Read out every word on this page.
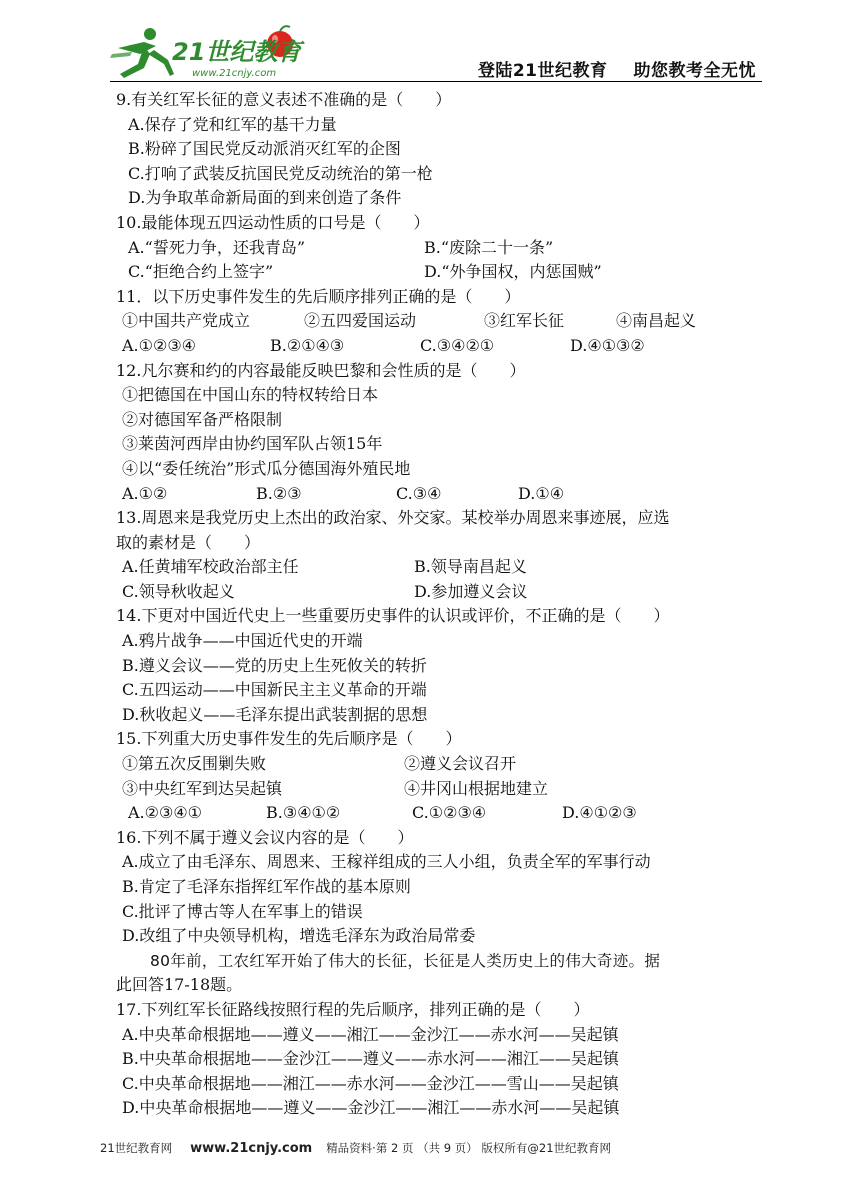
21世纪教育
www.21cnjy.com	登陆21世纪教育 助您教考全无忧
9.有关红军长征的意义表述不准确的是（　　）
A.保存了党和红军的基干力量
B.粉碎了国民党反动派消灭红军的企图
C.打响了武装反抗国民党反动统治的第一枪
D.为争取革命新局面的到来创造了条件
10.最能体现五四运动性质的口号是（　　）
A.“誓死力争，还我青岛”	B.“废除二十一条”
C.“拒绝合约上签字”	D.“外争国权，内惩国贼”
11．以下历史事件发生的先后顺序排列正确的是（　　）
①中国共产党成立	②五四爱国运动	③红军长征	④南昌起义
A.①②③④	B.②①④③	C.③④②①	D.④①③②
12.凡尔赛和约的内容最能反映巴黎和会性质的是（　　）
①把德国在中国山东的特权转给日本
②对德国军备严格限制
③莱茵河西岸由协约国军队占领15年
④以“委任统治”形式瓜分德国海外殖民地
A.①②	B.②③	C.③④	D.①④
13.周恩来是我党历史上杰出的政治家、外交家。某校举办周恩来事迹展，应选
取的素材是（　　）
A.任黄埔军校政治部主任	B.领导南昌起义
C.领导秋收起义	D.参加遵义会议
14.下更对中国近代史上一些重要历史事件的认识或评价，不正确的是（　　）
A.鸦片战争——中国近代史的开端
B.遵义会议——党的历史上生死攸关的转折
C.五四运动——中国新民主主义革命的开端
D.秋收起义——毛泽东提出武装割据的思想
15.下列重大历史事件发生的先后顺序是（　　）
①第五次反围剿失败	②遵义会议召开
③中央红军到达吴起镇	④井冈山根据地建立
A.②③④①	B.③④①②	C.①②③④	D.④①②③
16.下列不属于遵义会议内容的是（　　）
A.成立了由毛泽东、周恩来、王稼祥组成的三人小组，负责全军的军事行动
B.肯定了毛泽东指挥红军作战的基本原则
C.批评了博古等人在军事上的错误
D.改组了中央领导机构，增选毛泽东为政治局常委
80年前，工农红军开始了伟大的长征，长征是人类历史上的伟大奇迹。据
此回答17-18题。
17.下列红军长征路线按照行程的先后顺序，排列正确的是（　　）
A.中央革命根据地——遵义——湘江——金沙江——赤水河——吴起镇
B.中央革命根据地——金沙江——遵义——赤水河——湘江——吴起镇
C.中央革命根据地——湘江——赤水河——金沙江——雪山——吴起镇
D.中央革命根据地——遵义——金沙江——湘江——赤水河——吴起镇
21世纪教育网 www.21cnjy.com 精品资料·第 2 页 （共 9 页） 版权所有@21世纪教育网
